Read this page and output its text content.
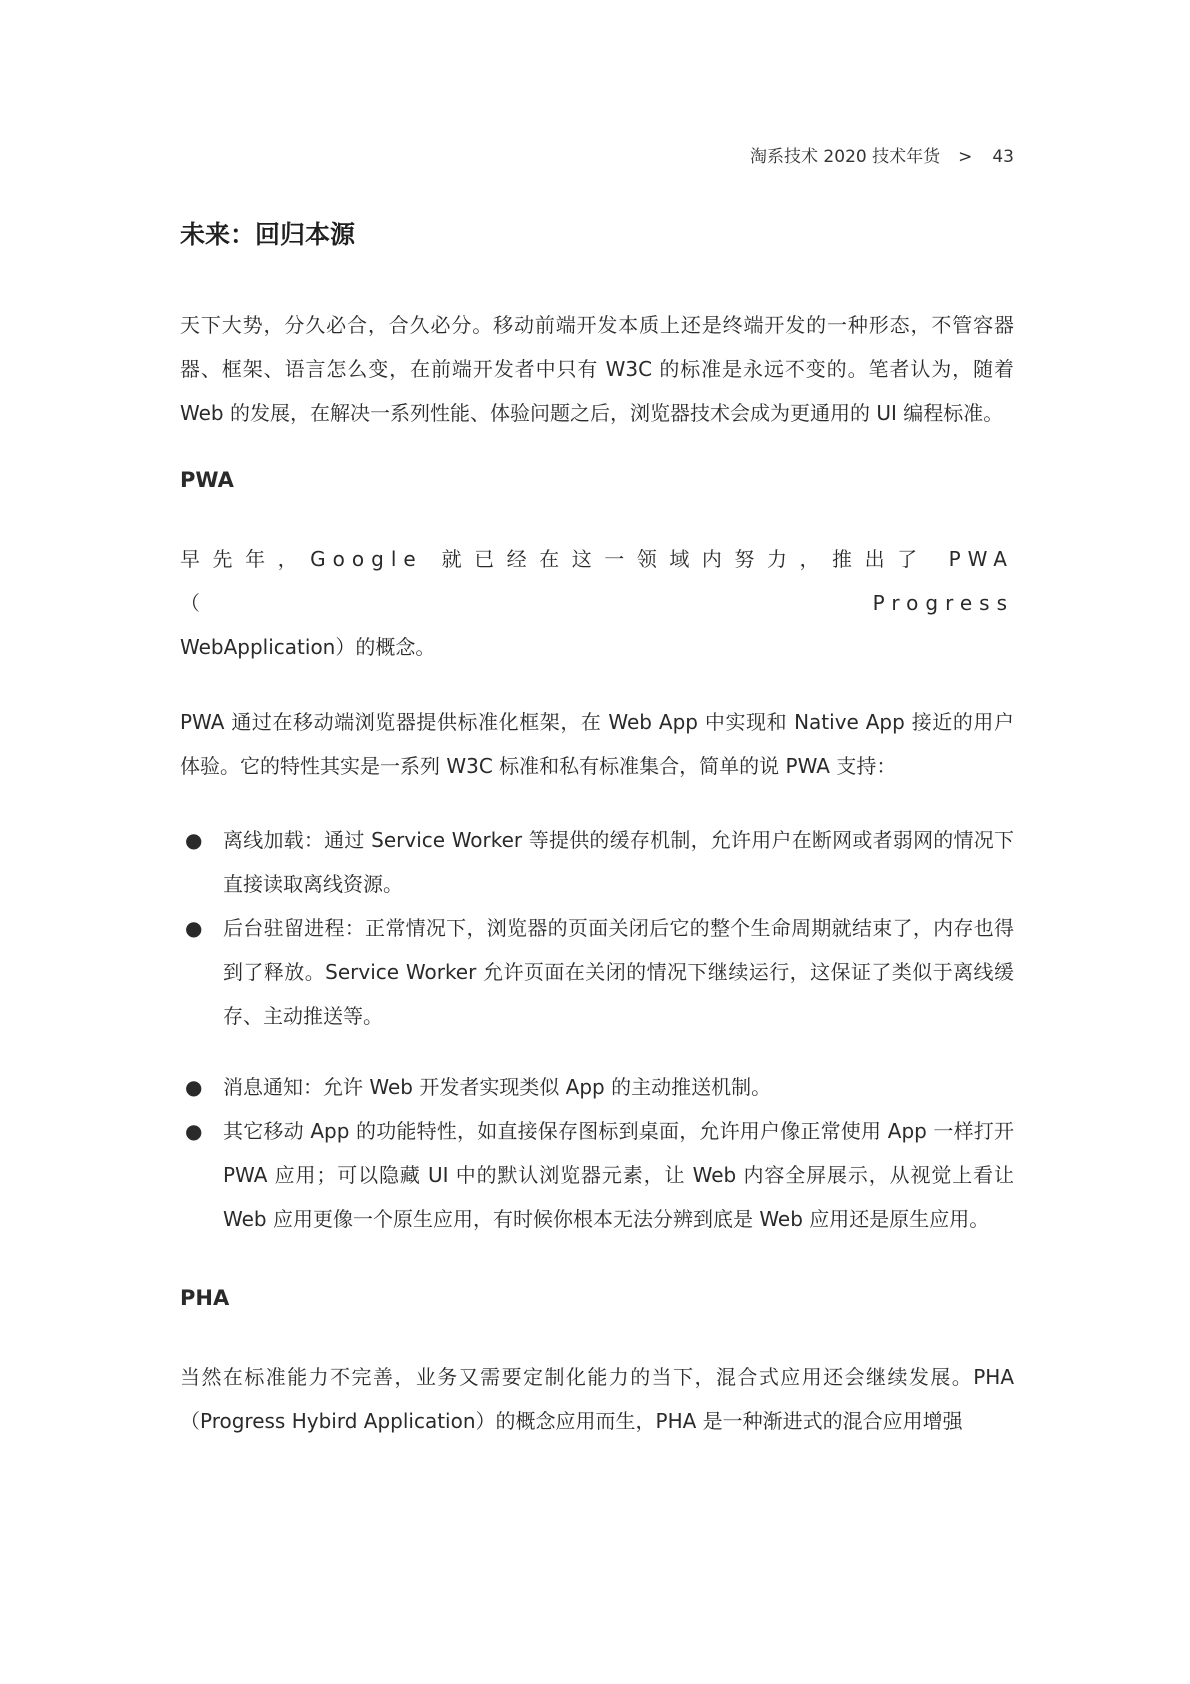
淘系技术 2020 技术年货 > 43
未来：回归本源

天下大势，分久必合，合久必分。移动前端开发本质上还是终端开发的一种形态，不管容器器、框架、语言怎么变，在前端开发者中只有 W3C 的标准是永远不变的。笔者认为，随着 Web 的发展，在解决一系列性能、体验问题之后，浏览器技术会成为更通用的 UI 编程标准。

PWA

早先年，Google 就已经在这一领域内努力，推出了 PWA（Progress
WebApplication）的概念。

PWA 通过在移动端浏览器提供标准化框架，在 Web App 中实现和 Native App 接近的用户体验。它的特性其实是一系列 W3C 标准和私有标准集合，简单的说 PWA 支持：

● 离线加载：通过 Service Worker 等提供的缓存机制，允许用户在断网或者弱网的情况下直接读取离线资源。
● 后台驻留进程：正常情况下，浏览器的页面关闭后它的整个生命周期就结束了，内存也得到了释放。Service Worker 允许页面在关闭的情况下继续运行，这保证了类似于离线缓存、主动推送等。
● 消息通知：允许 Web 开发者实现类似 App 的主动推送机制。
● 其它移动 App 的功能特性，如直接保存图标到桌面，允许用户像正常使用 App 一样打开 PWA 应用；可以隐藏 UI 中的默认浏览器元素，让 Web 内容全屏展示，从视觉上看让 Web 应用更像一个原生应用，有时候你根本无法分辨到底是 Web 应用还是原生应用。
PHA

当然在标准能力不完善，业务又需要定制化能力的当下，混合式应用还会继续发展。PHA（Progress Hybird Application）的概念应用而生，PHA 是一种渐进式的混合应用增强
